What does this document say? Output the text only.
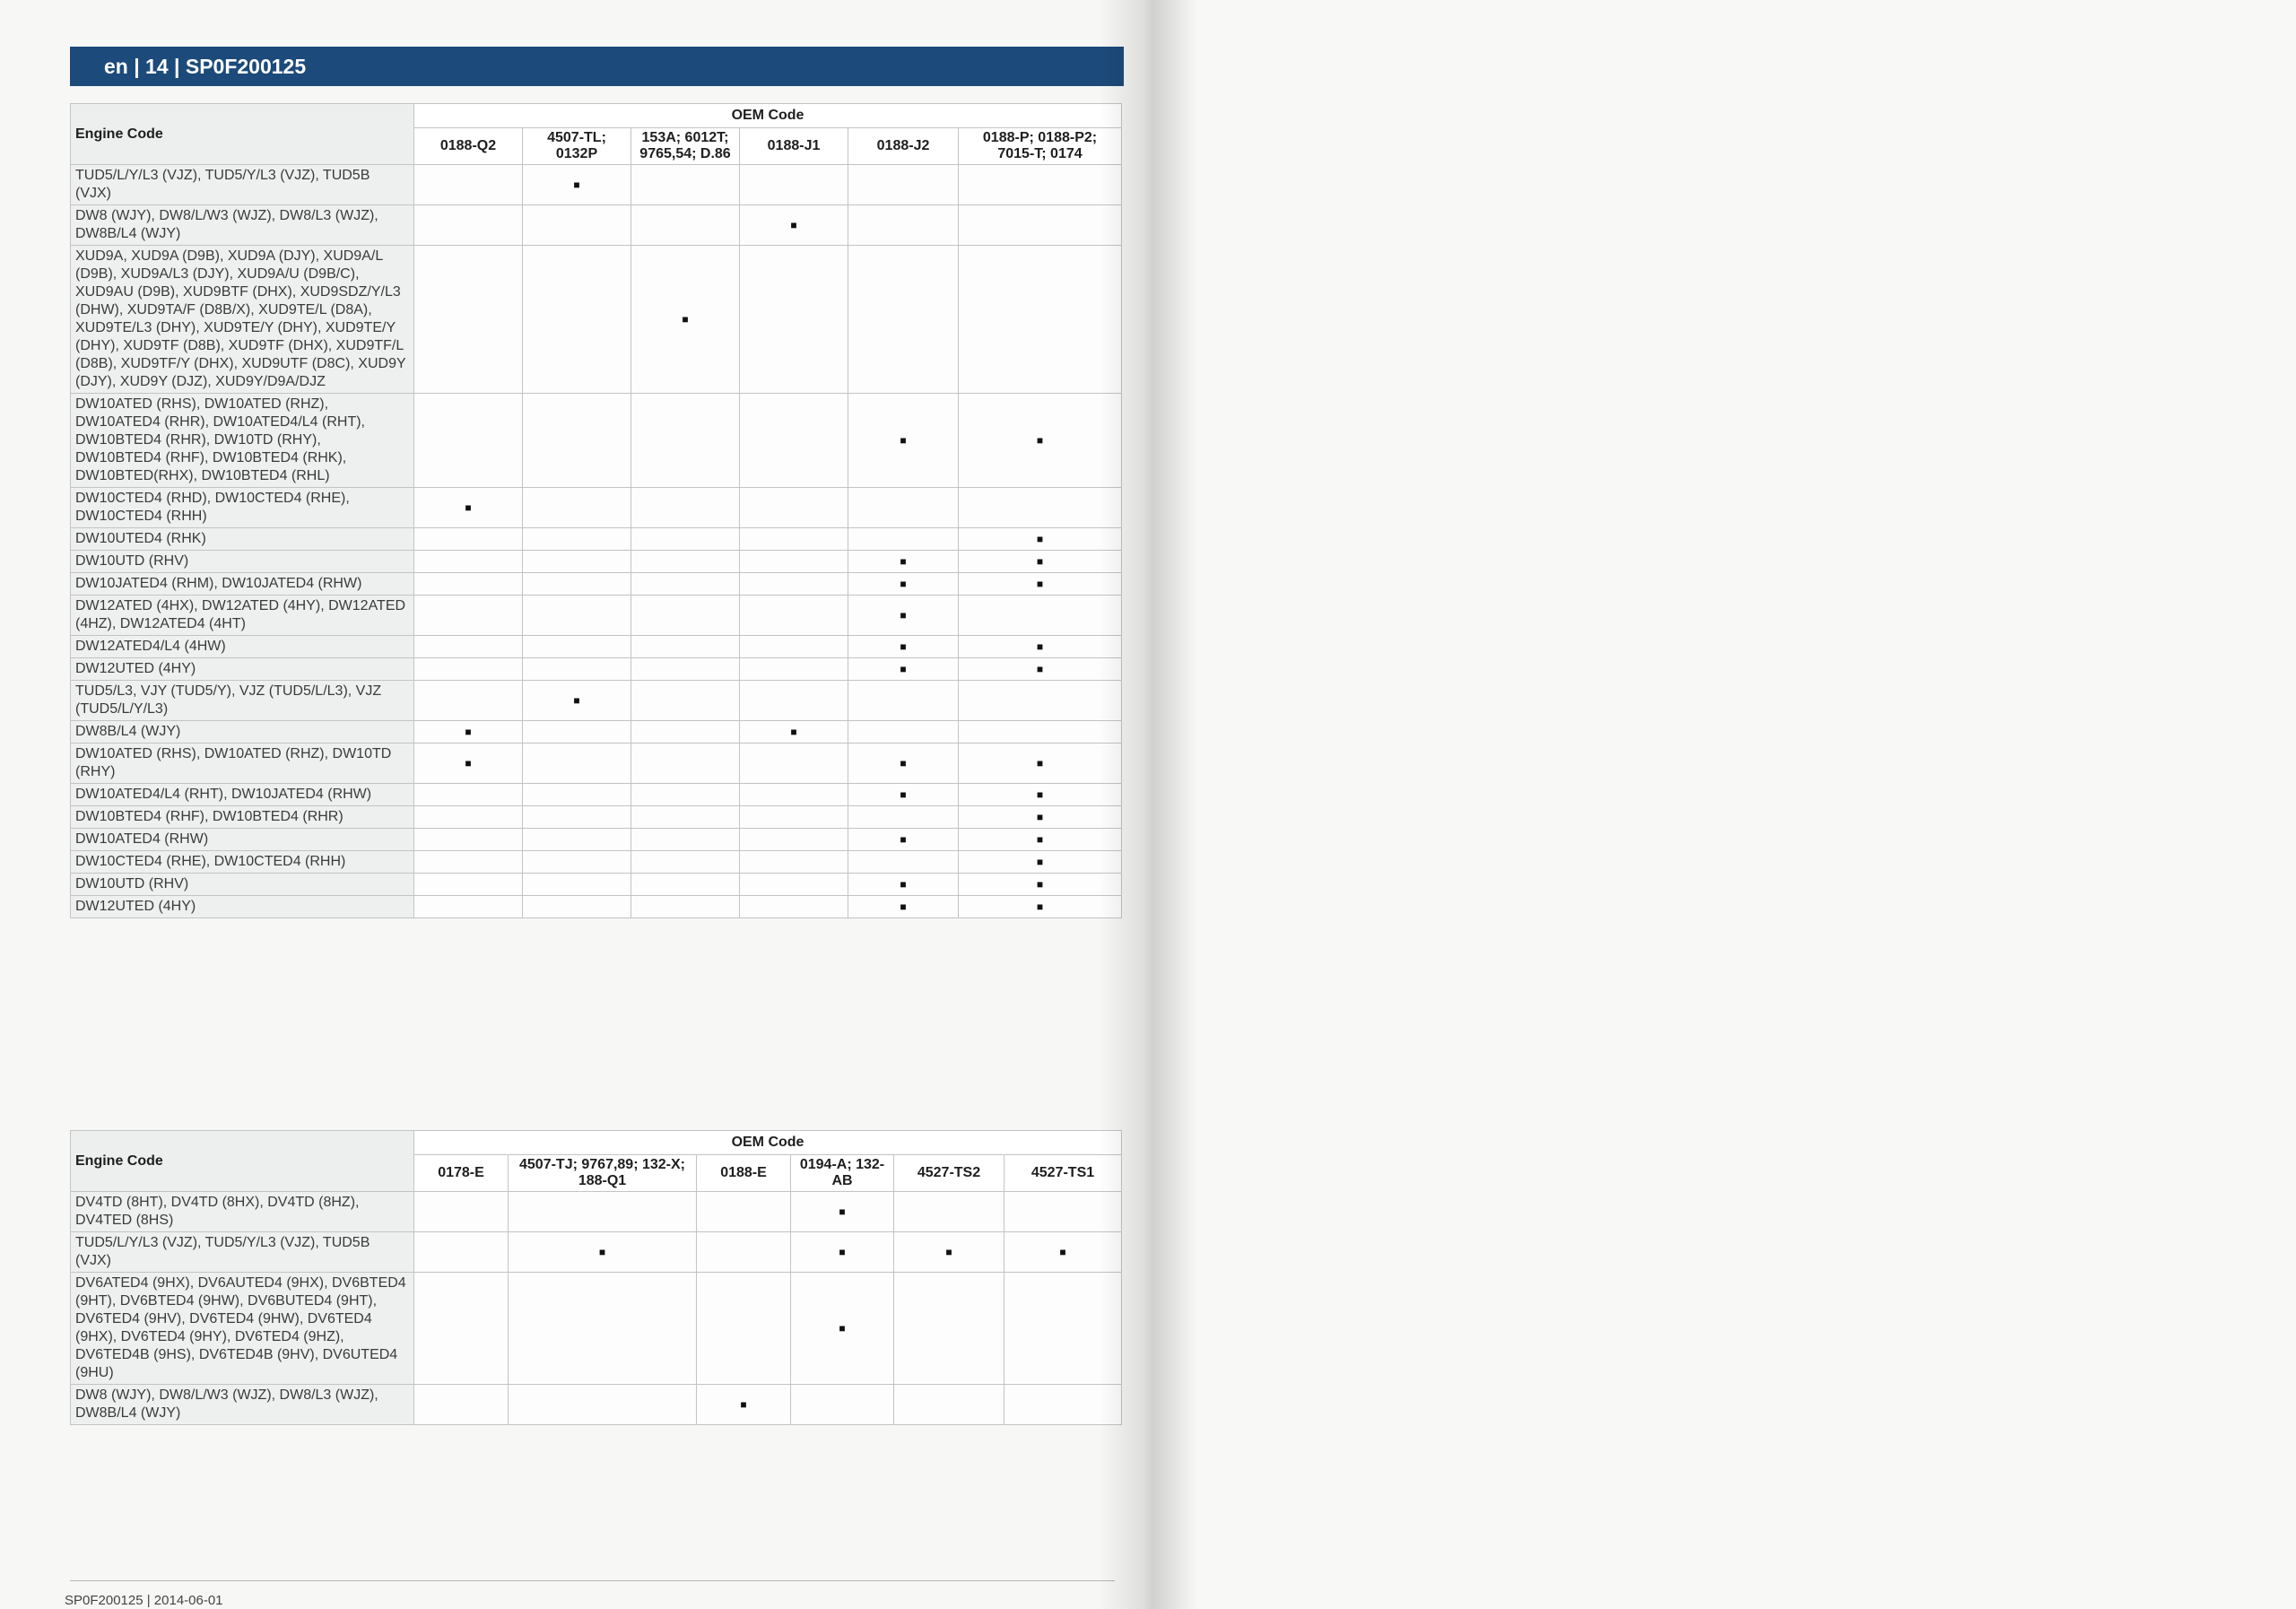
en | 14 | SP0F200125
Engine Code	OEM Code					
	0188-Q2	4507-TL; 0132P	153A; 6012T; 9765,54; D.86	0188-J1	0188-J2	0188-P; 0188-P2; 7015-T; 0174
TUD5/L/Y/L3 (VJZ), TUD5/Y/L3 (VJZ), TUD5B (VJX)		■				
DW8 (WJY), DW8/L/W3 (WJZ), DW8/L3 (WJZ), DW8B/L4 (WJY)				■		
XUD9A, XUD9A (D9B), XUD9A (DJY), XUD9A/L (D9B), XUD9A/L3 (DJY), XUD9A/U (D9B/C), XUD9AU (D9B), XUD9BTF (DHX), XUD9SDZ/Y/L3 (DHW), XUD9TA/F (D8B/X), XUD9TE/L (D8A), XUD9TE/L3 (DHY), XUD9TE/Y (DHY), XUD9TE/Y (DHY), XUD9TF (D8B), XUD9TF (DHX), XUD9TF/L (D8B), XUD9TF/Y (DHX), XUD9UTF (D8C), XUD9Y (DJY), XUD9Y (DJZ), XUD9Y/D9A/DJZ			■			
DW10ATED (RHS), DW10ATED (RHZ), DW10ATED4 (RHR), DW10ATED4/L4 (RHT), DW10BTED4 (RHR), DW10TD (RHY), DW10BTED4 (RHF), DW10BTED4 (RHK), DW10BTED(RHX), DW10BTED4 (RHL)					■	■
DW10CTED4 (RHD), DW10CTED4 (RHE), DW10CTED4 (RHH)	■					
DW10UTED4 (RHK)						■
DW10UTD (RHV)					■	■
DW10JATED4 (RHM), DW10JATED4 (RHW)					■	■
DW12ATED (4HX), DW12ATED (4HY), DW12ATED (4HZ), DW12ATED4 (4HT)					■	
DW12ATED4/L4 (4HW)					■	■
DW12UTED (4HY)					■	■
TUD5/L3, VJY (TUD5/Y), VJZ (TUD5/L/L3), VJZ (TUD5/L/Y/L3)		■				
DW8B/L4 (WJY)	■			■		
DW10ATED (RHS), DW10ATED (RHZ), DW10TD (RHY)	■				■	■
DW10ATED4/L4 (RHT), DW10JATED4 (RHW)					■	■
DW10BTED4 (RHF), DW10BTED4 (RHR)						■
DW10ATED4 (RHW)					■	■
DW10CTED4 (RHE), DW10CTED4 (RHH)						■
DW10UTD (RHV)					■	■
DW12UTED (4HY)					■	■
Engine Code	OEM Code					
	0178-E	4507-TJ; 9767,89; 132-X; 188-Q1	0188-E	0194-A; 132-AB	4527-TS2	4527-TS1
DV4TD (8HT), DV4TD (8HX), DV4TD (8HZ), DV4TED (8HS)				■		
TUD5/L/Y/L3 (VJZ), TUD5/Y/L3 (VJZ), TUD5B (VJX)		■		■	■	■
DV6ATED4 (9HX), DV6AUTED4 (9HX), DV6BTED4 (9HT), DV6BTED4 (9HW), DV6BUTED4 (9HT), DV6TED4 (9HV), DV6TED4 (9HW), DV6TED4 (9HX), DV6TED4 (9HY), DV6TED4 (9HZ), DV6TED4B (9HS), DV6TED4B (9HV), DV6UTED4 (9HU)				■		
DW8 (WJY), DW8/L/W3 (WJZ), DW8/L3 (WJZ), DW8B/L4 (WJY)			■			
SP0F200125 | 2014-06-01
